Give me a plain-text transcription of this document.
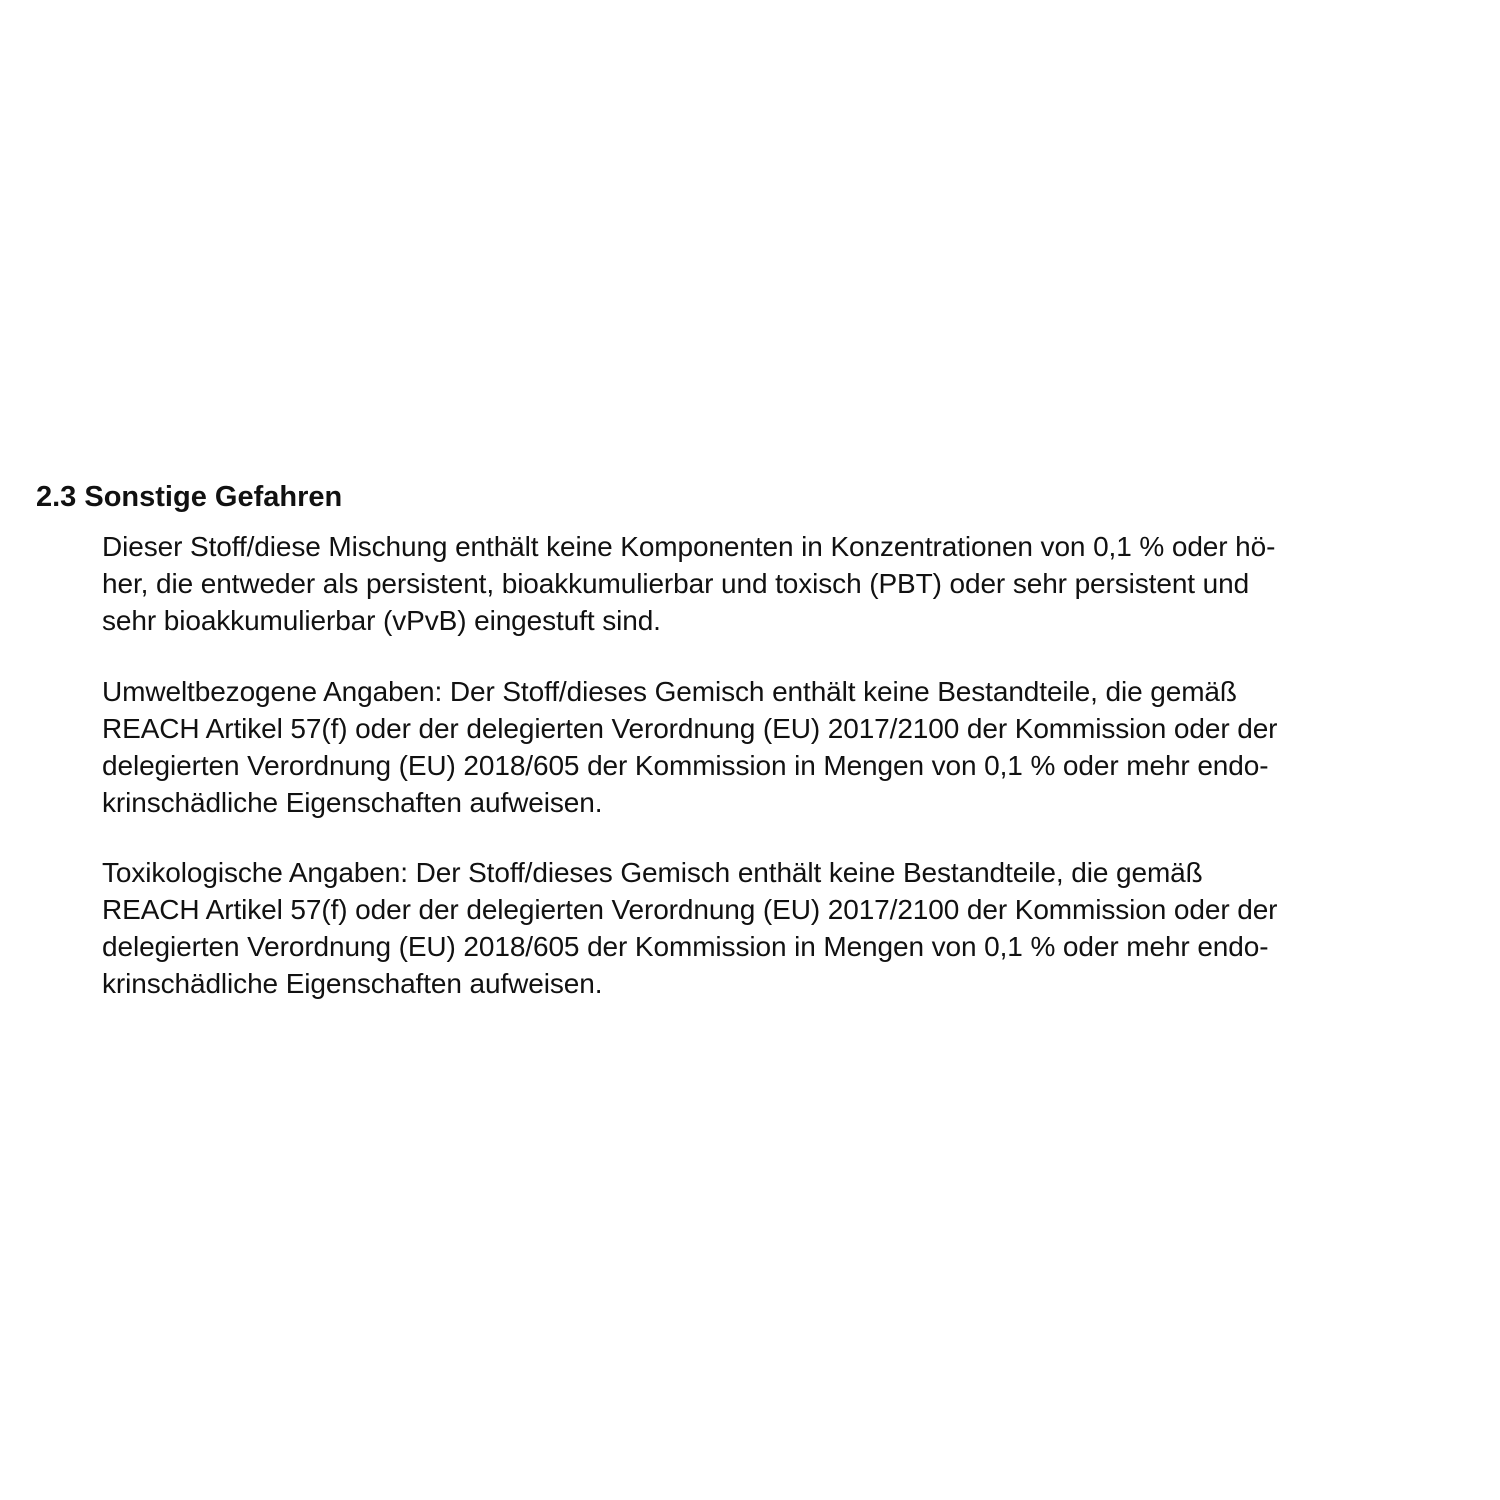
2.3 Sonstige Gefahren
Dieser Stoff/diese Mischung enthält keine Komponenten in Konzentrationen von 0,1 % oder hö-
her, die entweder als persistent, bioakkumulierbar und toxisch (PBT) oder sehr persistent und
sehr bioakkumulierbar (vPvB) eingestuft sind.
Umweltbezogene Angaben: Der Stoff/dieses Gemisch enthält keine Bestandteile, die gemäß
REACH Artikel 57(f) oder der delegierten Verordnung (EU) 2017/2100 der Kommission oder der
delegierten Verordnung (EU) 2018/605 der Kommission in Mengen von 0,1 % oder mehr endo-
krinschädliche Eigenschaften aufweisen.
Toxikologische Angaben: Der Stoff/dieses Gemisch enthält keine Bestandteile, die gemäß
REACH Artikel 57(f) oder der delegierten Verordnung (EU) 2017/2100 der Kommission oder der
delegierten Verordnung (EU) 2018/605 der Kommission in Mengen von 0,1 % oder mehr endo-
krinschädliche Eigenschaften aufweisen.
